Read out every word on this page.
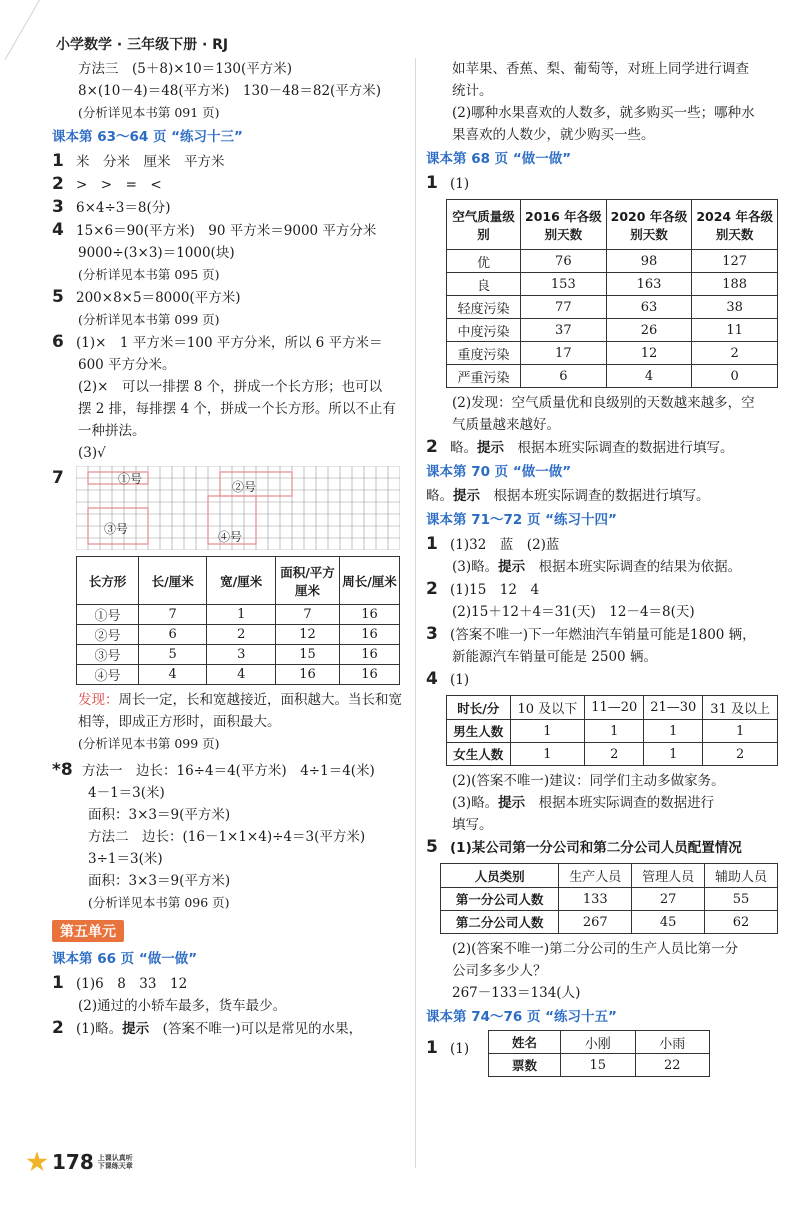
小学数学 · 三年级下册 · RJ
方法三　(5＋8)×10＝130(平方米)
8×(10－4)＝48(平方米)　130－48＝82(平方米)
(分析详见本书第 091 页)
课本第 63～64 页 “练习十三”
1 米　分米　厘米　平方米
2 >　>　=　<
3 6×4÷3＝8(分)
4 15×6＝90(平方米)　90 平方米＝9000 平方分米
9000÷(3×3)＝1000(块)
(分析详见本书第 095 页)
5 200×8×5＝8000(平方米)
(分析详见本书第 099 页)
6 (1)×　1 平方米＝100 平方分米，所以 6 平方米＝
600 平方分米。
(2)×　可以一排摆 8 个，拼成一个长方形；也可以
摆 2 排，每排摆 4 个，拼成一个长方形。所以不止有
一种拼法。
(3)√
7	①号
②号
③号
④号
长方形	长/厘米	宽/厘米	面积/平方厘米	周长/厘米
①号	7	1	7	16
②号	6	2	12	16
③号	5	3	15	16
④号	4	4	16	16
发现：周长一定，长和宽越接近，面积越大。当长和宽
相等，即成正方形时，面积最大。
(分析详见本书第 099 页)
*8 方法一　边长：16÷4＝4(平方米)　4÷1＝4(米)
4－1＝3(米)
面积：3×3＝9(平方米)
方法二　边长：(16－1×1×4)÷4＝3(平方米)
3÷1＝3(米)
面积：3×3＝9(平方米)
(分析详见本书第 096 页)
第五单元
课本第 66 页 “做一做”
1 (1)6　8　33　12
(2)通过的小轿车最多，货车最少。
2 (1)略。提示　 (答案不唯一)可以是常见的水果，
如苹果、香蕉、梨、葡萄等，对班上同学进行调查
统计。
(2)哪种水果喜欢的人数多，就多购买一些；哪种水
果喜欢的人数少，就少购买一些。
课本第 68 页 “做一做”
1 (1)
空气质量级别	2016 年各级别天数	2020 年各级别天数	2024 年各级别天数
优	76	98	127
良	153	163	188
轻度污染	77	63	38
中度污染	37	26	11
重度污染	17	12	2
严重污染	6	4	0
(2)发现：空气质量优和良级别的天数越来越多，空
气质量越来越好。
2 略。提示　 根据本班实际调查的数据进行填写。
课本第 70 页 “做一做”
略。提示　 根据本班实际调查的数据进行填写。
课本第 71～72 页 “练习十四”
1 (1)32　蓝　(2)蓝
(3)略。提示　 根据本班实际调查的结果为依据。
2 (1)15　12　4
(2)15＋12＋4＝31(天)　12－4＝8(天)
3 (答案不唯一)下一年燃油汽车销量可能是1800 辆，
新能源汽车销量可能是 2500 辆。
4 (1)
时长/分	10 及以下	11—20	21—30	31 及以上
男生人数	1	1	1	1
女生人数	1	2	1	2
(2)(答案不唯一)建议：同学们主动多做家务。
(3)略。提示　 根据本班实际调查的数据进行
填写。
5 (1)某公司第一分公司和第二分公司人员配置情况
人员类别	生产人员	管理人员	辅助人员
第一分公司人数	133	27	55
第二分公司人数	267	45	62
(2)(答案不唯一)第二分公司的生产人员比第一分
公司多多少人？
267－133＝134(人)
课本第 74～76 页 “练习十五”
1 (1)	姓名	小刚	小雨
票数	15	22
178 上课认真听
下课练天章
